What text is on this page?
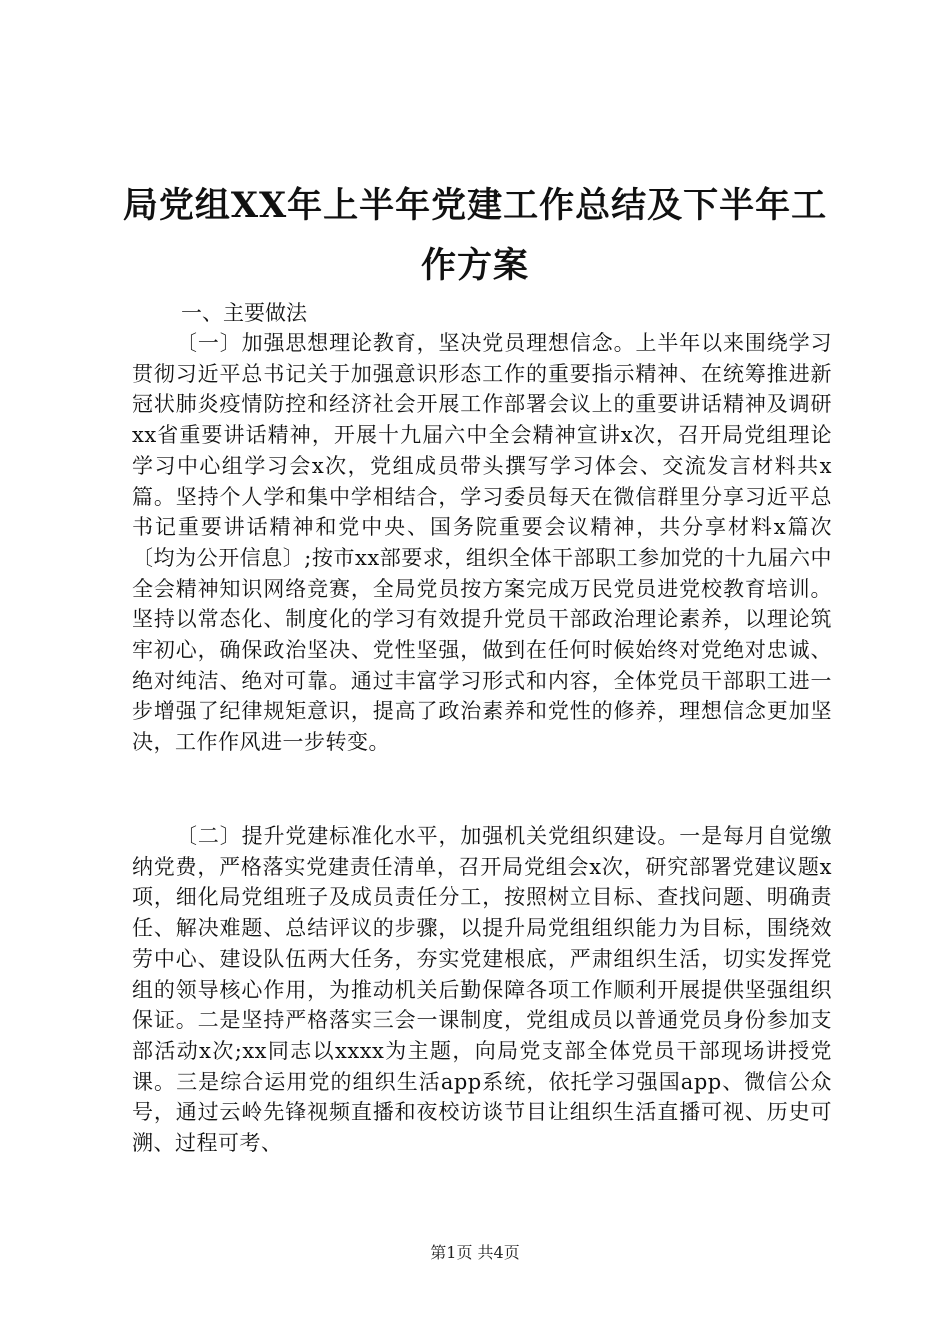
局党组XX年上半年党建工作总结及下半年工作方案

一、主要做法

〔一〕加强思想理论教育，坚决党员理想信念。上半年以来围绕学习贯彻习近平总书记关于加强意识形态工作的重要指示精神、在统筹推进新冠状肺炎疫情防控和经济社会开展工作部署会议上的重要讲话精神及调研xx省重要讲话精神，开展十九届六中全会精神宣讲x次，召开局党组理论学习中心组学习会x次，党组成员带头撰写学习体会、交流发言材料共x篇。坚持个人学和集中学相结合，学习委员每天在微信群里分享习近平总书记重要讲话精神和党中央、国务院重要会议精神，共分享材料x篇次〔均为公开信息〕;按市xx部要求，组织全体干部职工参加党的十九届六中全会精神知识网络竞赛，全局党员按方案完成万民党员进党校教育培训。坚持以常态化、制度化的学习有效提升党员干部政治理论素养，以理论筑牢初心，确保政治坚决、党性坚强，做到在任何时候始终对党绝对忠诚、绝对纯洁、绝对可靠。通过丰富学习形式和内容，全体党员干部职工进一步增强了纪律规矩意识，提高了政治素养和党性的修养，理想信念更加坚决，工作作风进一步转变。

〔二〕提升党建标准化水平，加强机关党组织建设。一是每月自觉缴纳党费，严格落实党建责任清单，召开局党组会x次，研究部署党建议题x项，细化局党组班子及成员责任分工，按照树立目标、查找问题、明确责任、解决难题、总结评议的步骤，以提升局党组组织能力为目标，围绕效劳中心、建设队伍两大任务，夯实党建根底，严肃组织生活，切实发挥党组的领导核心作用，为推动机关后勤保障各项工作顺利开展提供坚强组织保证。二是坚持严格落实三会一课制度，党组成员以普通党员身份参加支部活动x次;xx同志以xxxx为主题，向局党支部全体党员干部现场讲授党课。三是综合运用党的组织生活app系统，依托学习强国app、微信公众号，通过云岭先锋视频直播和夜校访谈节目让组织生活直播可视、历史可溯、过程可考、

第1页 共4页
